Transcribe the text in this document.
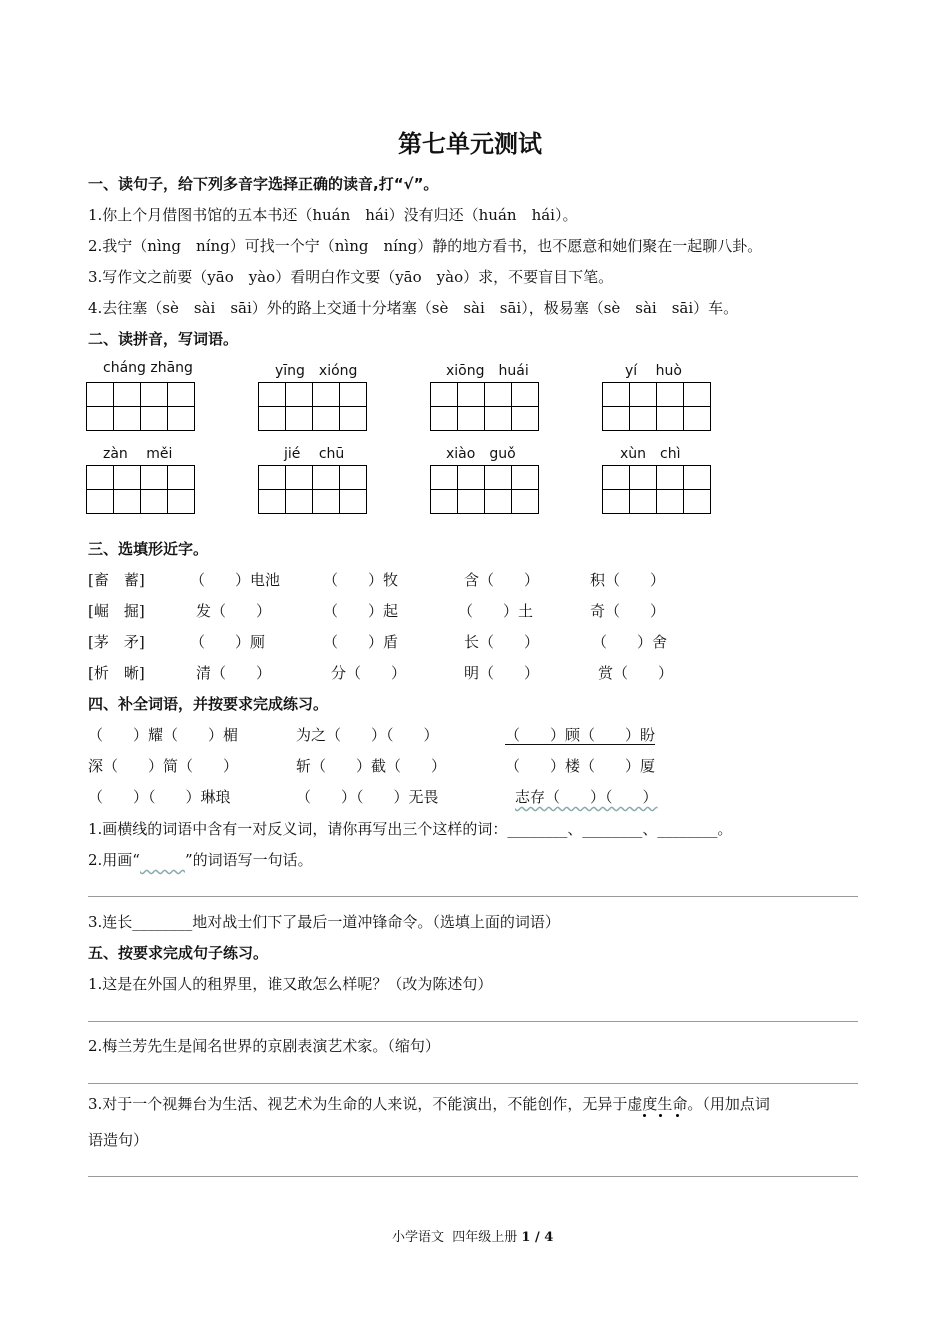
第七单元测试
一、读句子，给下列多音字选择正确的读音,打“√”。
1.你上个月借图书馆的五本书还（huán　hái）没有归还（huán　hái）。
2.我宁（nìng　níng）可找一个宁（nìng　níng）静的地方看书，也不愿意和她们聚在一起聊八卦。
3.写作文之前要（yāo　yào）看明白作文要（yāo　yào）求，不要盲目下笔。
4.去往塞（sè　sài　sāi）外的路上交通十分堵塞（sè　sài　sāi），极易塞（sè　sài　sāi）车。
二、读拼音，写词语。
cháng zhāng	yīng　xióng	xiōng　huái	yí　 huò

zàn　 měi	jié　 chū	xiào　guǒ	xùn　chì

三、选填形近字。
[畜　蓄]	（　　）电池	（　　）牧	含（　　）	积（　　）
[崛　掘]	发（　　）	（　　）起	（　　）土	奇（　　）
[茅　矛]	（　　）厕	（　　）盾	长（　　）	（　　）舍
[析　晰]	清（　　）	分（　　）	明（　　）	赏（　　）
四、补全词语，并按要求完成练习。
（　　）耀（　　）楣	为之（　　）（　　）	（　　）顾（　　）盼
深（　　）简（　　）	斩（　　）截（　　）	（　　）楼（　　）厦
（　　）（　　）琳琅	（　　）（　　）无畏	志存（　　）（　　）
1.画横线的词语中含有一对反义词，请你再写出三个这样的词：________、________、________。
2.用画“　　　	”的词语写一句话。
3.连长________地对战士们下了最后一道冲锋命令。（选填上面的词语）
五、按要求完成句子练习。
1.这是在外国人的租界里，谁又敢怎么样呢？（改为陈述句）
2.梅兰芳先生是闻名世界的京剧表演艺术家。（缩句）
3.对于一个视舞台为生活、视艺术为生命的人来说，不能演出，不能创作，无异于虚度生命。（用加点词
语造句）
小学语文  四年级上册 1 / 4
